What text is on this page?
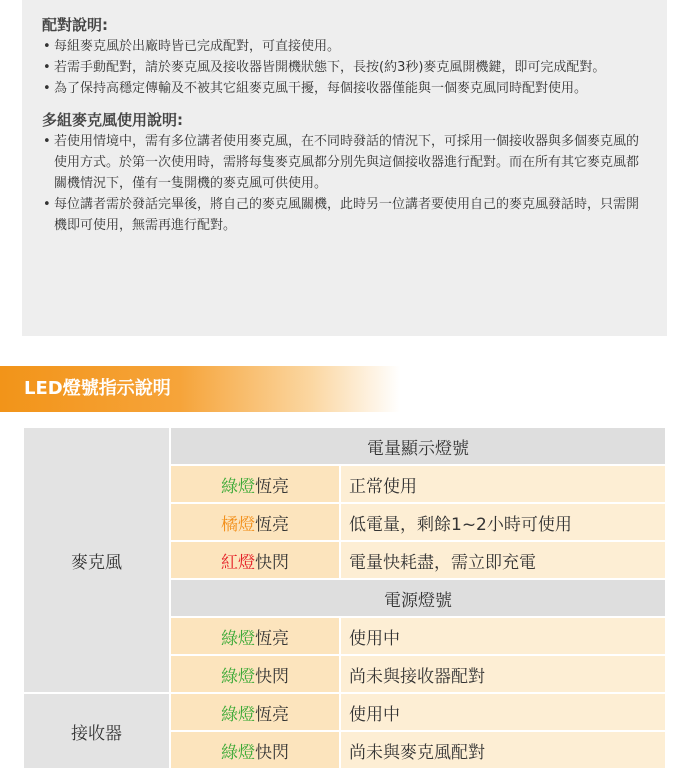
配對說明:
• 每組麥克風於出廠時皆已完成配對，可直接使用。
• 若需手動配對，請於麥克風及接收器皆開機狀態下，長按(約3秒)麥克風開機鍵，即可完成配對。
• 為了保持高穩定傳輸及不被其它組麥克風干擾，每個接收器僅能與一個麥克風同時配對使用。
多組麥克風使用說明:
• 若使用情境中，需有多位講者使用麥克風，在不同時發話的情況下，可採用一個接收器與多個麥克風的使用方式。於第一次使用時，需將每隻麥克風都分別先與這個接收器進行配對。而在所有其它麥克風都關機情況下，僅有一隻開機的麥克風可供使用。
• 每位講者需於發話完畢後，將自己的麥克風關機，此時另一位講者要使用自己的麥克風發話時，只需開機即可使用，無需再進行配對。
LED燈號指示說明
麥克風	電量顯示燈號	
	綠燈恆亮	正常使用
	橘燈恆亮	低電量，剩餘1~2小時可使用
	紅燈快閃	電量快耗盡，需立即充電
	電源燈號	
	綠燈恆亮	使用中
	綠燈快閃	尚未與接收器配對
接收器	綠燈恆亮	使用中
	綠燈快閃	尚未與麥克風配對
